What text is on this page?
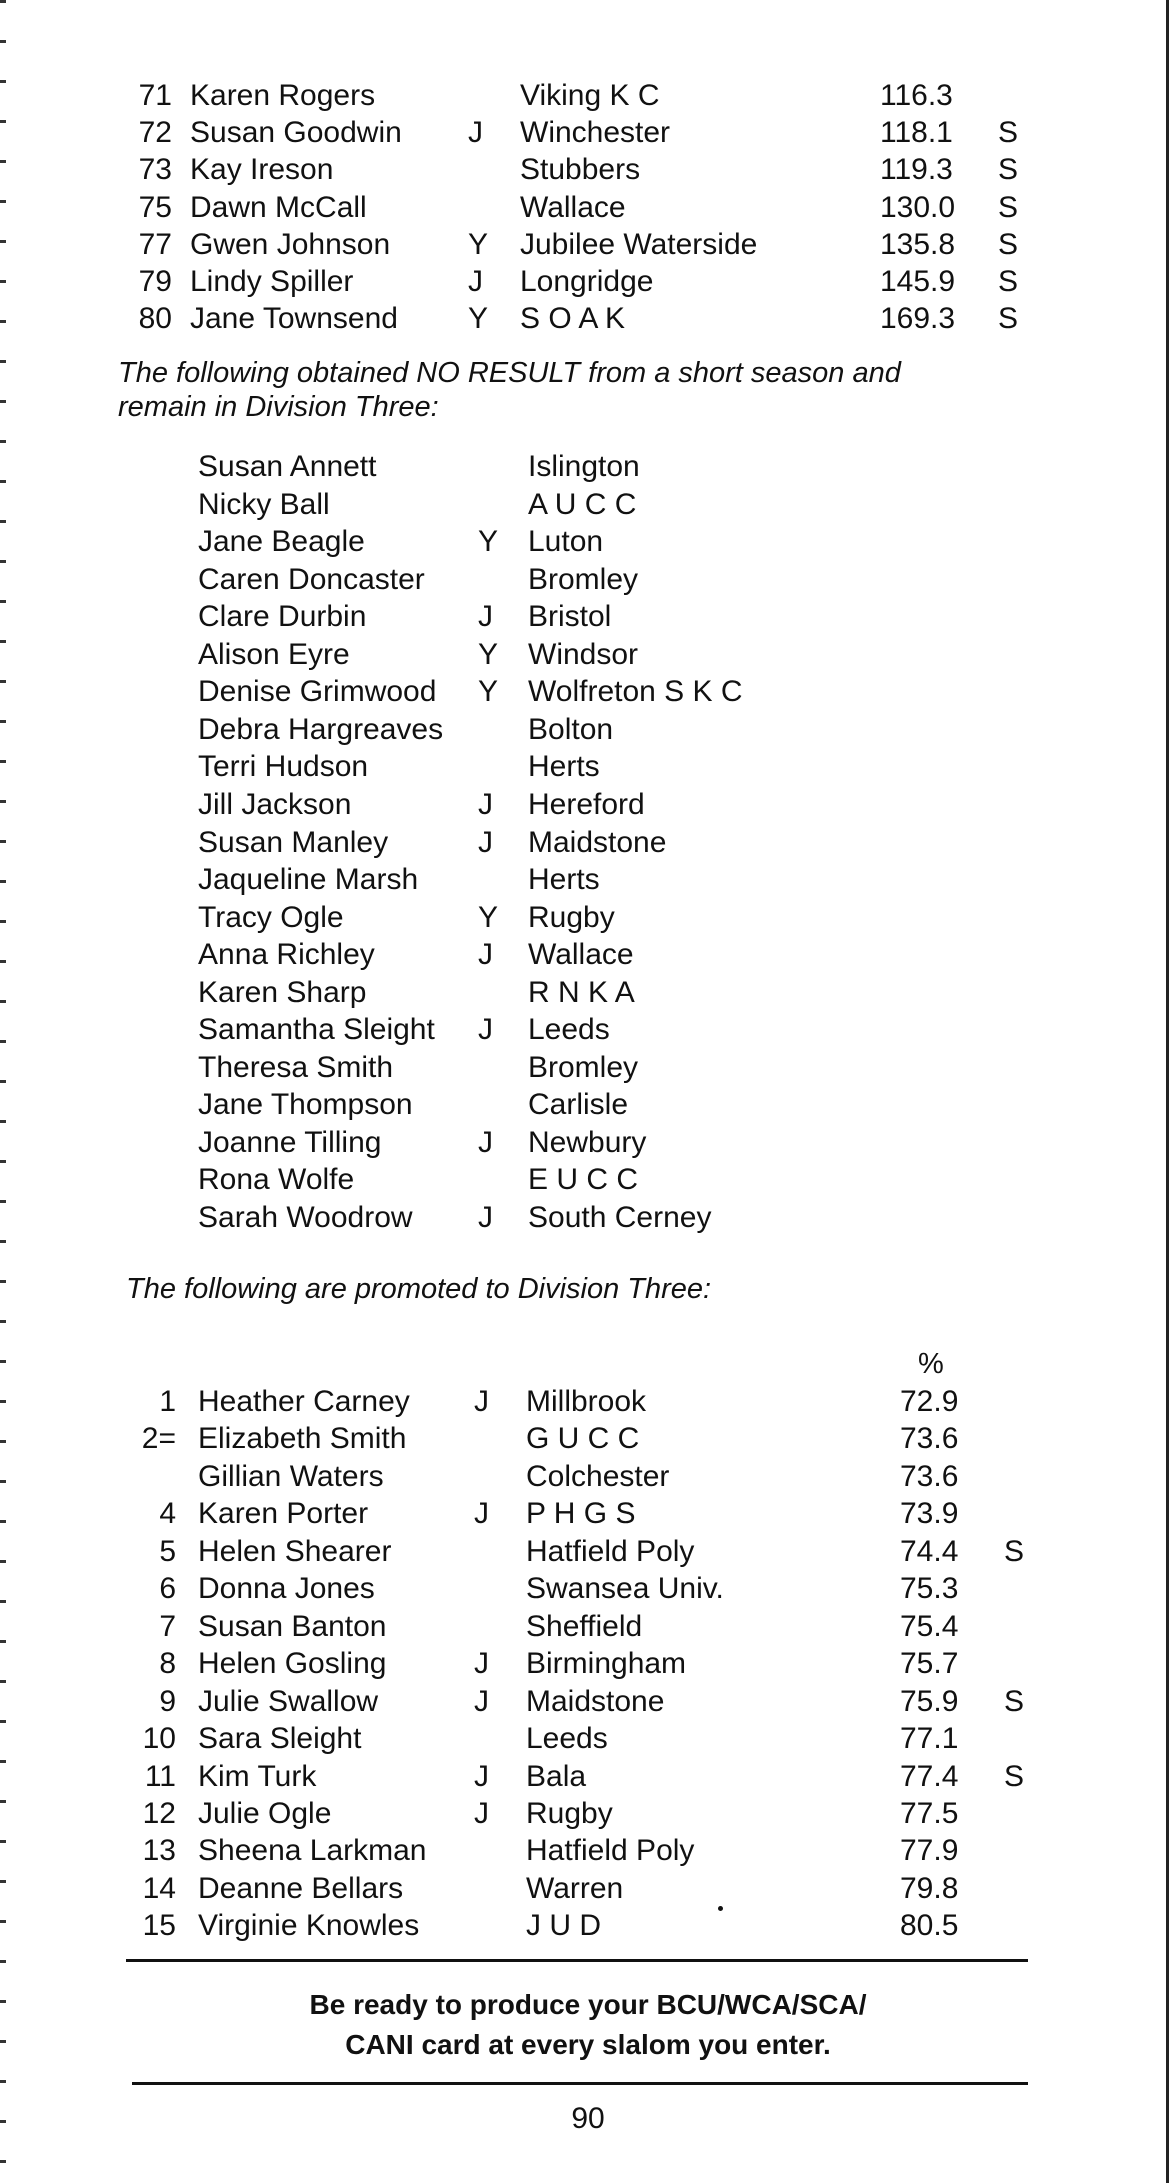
71 Karen Rogers	Viking K C	116.3
72 Susan Goodwin J Winchester	118.1 S
73 Kay Ireson	Stubbers	119.3 S
75 Dawn McCall	Wallace	130.0 S
77 Gwen Johnson	Y Jubilee Waterside	135.8 S
79 Lindy Spiller	J Longridge	145.9 S
80 Jane Townsend Y S O A K	169.3 S
The following obtained NO RESULT from a short season and
remain in Division Three:
Susan Annett	Islington
Nicky Ball	A U C C
Jane Beagle	Y Luton
Caren Doncaster	Bromley
Clare Durbin	J Bristol
Alison Eyre	Y Windsor
Denise Grimwood Y Wolfreton S K C
Debra Hargreaves	Bolton
Terri Hudson	Herts
Jill Jackson	J Hereford
Susan Manley	J Maidstone
Jaqueline Marsh	Herts
Tracy Ogle	Y Rugby
Anna Richley	J Wallace
Karen Sharp	R N K A
Samantha Sleight J Leeds
Theresa Smith	Bromley
Jane Thompson	Carlisle
Joanne Tilling	J Newbury
Rona Wolfe	E U C C
Sarah Woodrow J South Cerney
The following are promoted to Division Three:
%
1 Heather Carney J Millbrook	72.9
2= Elizabeth Smith	G U C C	73.6
Gillian Waters	Colchester	73.6
4 Karen Porter	J P H G S	73.9
5 Helen Shearer	Hatfield Poly	74.4 S
6 Donna Jones	Swansea Univ.	75.3
7 Susan Banton	Sheffield	75.4
8 Helen Gosling	J Birmingham	75.7
9 Julie Swallow	J Maidstone	75.9 S
10 Sara Sleight	Leeds	77.1
11 Kim Turk	J Bala	77.4 S
12 Julie Ogle	J Rugby	77.5
13 Sheena Larkman	Hatfield Poly	77.9
14 Deanne Bellars	Warren	79.8
15 Virginie Knowles	J U D	80.5
Be ready to produce your BCU/WCA/SCA/
CANI card at every slalom you enter.
90
